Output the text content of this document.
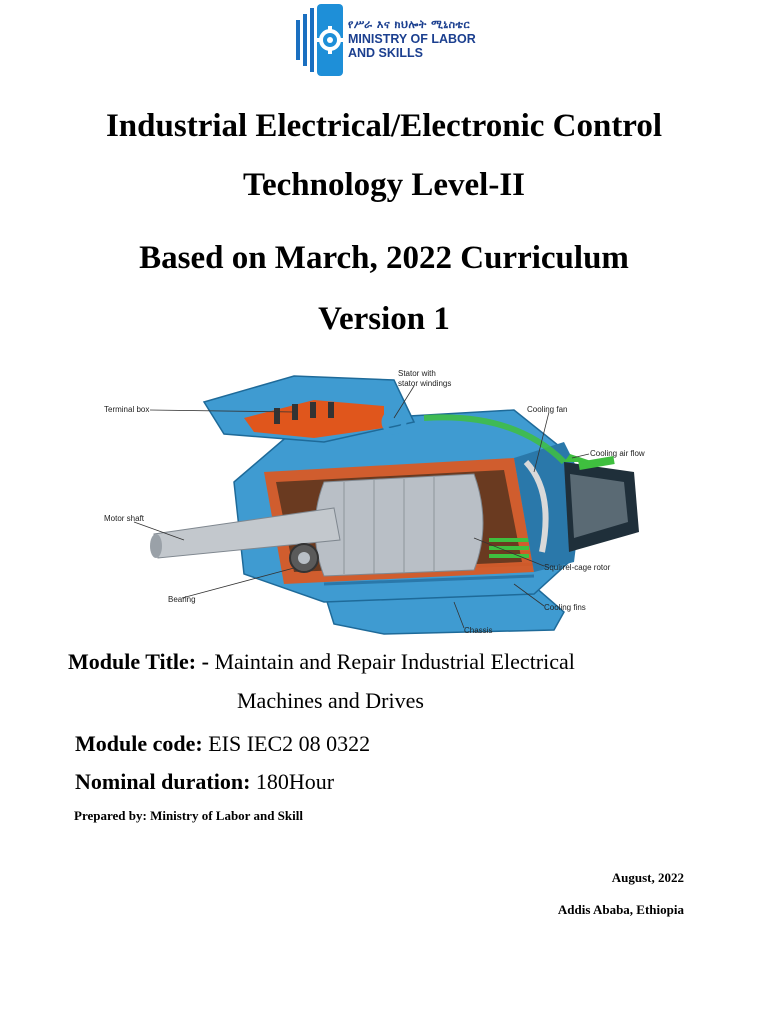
የሥራ እና ክህሎት ሚኒስቴር
MINISTRY OF LABOR
AND SKILLS
Industrial Electrical/Electronic Control
Technology Level-II
Based on March, 2022 Curriculum
Version 1
Terminal box
Stator with
stator windings
Cooling fan
Cooling air flow
Motor shaft
Squirrel-cage rotor
Bearing
Cooling fins
Chassis
Module Title: - Maintain and Repair Industrial Electrical
Machines and Drives
Module code: EIS IEC2 08 0322
Nominal duration: 180Hour
Prepared by: Ministry of Labor and Skill
August, 2022
Addis Ababa, Ethiopia
